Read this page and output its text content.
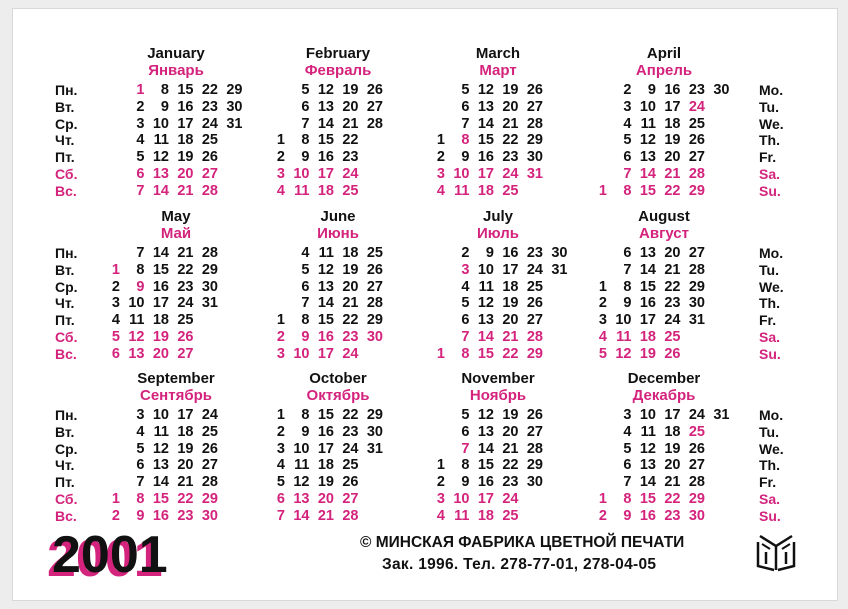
January
Январь
1
2
3
4
5
6
7
8
9
10
11
12
13
14
15
16
17
18
19
20
21
22
23
24
25
26
27
28
29
30
31
February
Февраль
1
2
3
4
5
6
7
8
9
10
11
12
13
14
15
16
17
18
19
20
21
22
23
24
25
26
27
28
March
Март
1
2
3
4
5
6
7
8
9
10
11
12
13
14
15
16
17
18
19
20
21
22
23
24
25
26
27
28
29
30
31
April
Апрель
1
2
3
4
5
6
7
8
9
10
11
12
13
14
15
16
17
18
19
20
21
22
23
24
25
26
27
28
29
30
May
Май
1
2
3
4
5
6
7
8
9
10
11
12
13
14
15
16
17
18
19
20
21
22
23
24
25
26
27
28
29
30
31
June
Июнь
1
2
3
4
5
6
7
8
9
10
11
12
13
14
15
16
17
18
19
20
21
22
23
24
25
26
27
28
29
30
July
Июль
1
2
3
4
5
6
7
8
9
10
11
12
13
14
15
16
17
18
19
20
21
22
23
24
25
26
27
28
29
30
31
August
Август
1
2
3
4
5
6
7
8
9
10
11
12
13
14
15
16
17
18
19
20
21
22
23
24
25
26
27
28
29
30
31
September
Сентябрь
1
2
3
4
5
6
7
8
9
10
11
12
13
14
15
16
17
18
19
20
21
22
23
24
25
26
27
28
29
30
October
Октябрь
1
2
3
4
5
6
7
8
9
10
11
12
13
14
15
16
17
18
19
20
21
22
23
24
25
26
27
28
29
30
31
November
Ноябрь
1
2
3
4
5
6
7
8
9
10
11
12
13
14
15
16
17
18
19
20
21
22
23
24
25
26
27
28
29
30
December
Декабрь
1
2
3
4
5
6
7
8
9
10
11
12
13
14
15
16
17
18
19
20
21
22
23
24
25
26
27
28
29
30
31
Пн.
Вт.
Ср.
Чт.
Пт.
Сб.
Вс.
Пн.
Вт.
Ср.
Чт.
Пт.
Сб.
Вс.
Пн.
Вт.
Ср.
Чт.
Пт.
Сб.
Вс.
Mo.
Tu.
We.
Th.
Fr.
Sa.
Su.
Mo.
Tu.
We.
Th.
Fr.
Sa.
Su.
Mo.
Tu.
We.
Th.
Fr.
Sa.
Su.
2001	© МИНСКАЯ ФАБРИКА ЦВЕТНОЙ ПЕЧАТИ
Зак. 1996. Тел. 278-77-01, 278-04-05
